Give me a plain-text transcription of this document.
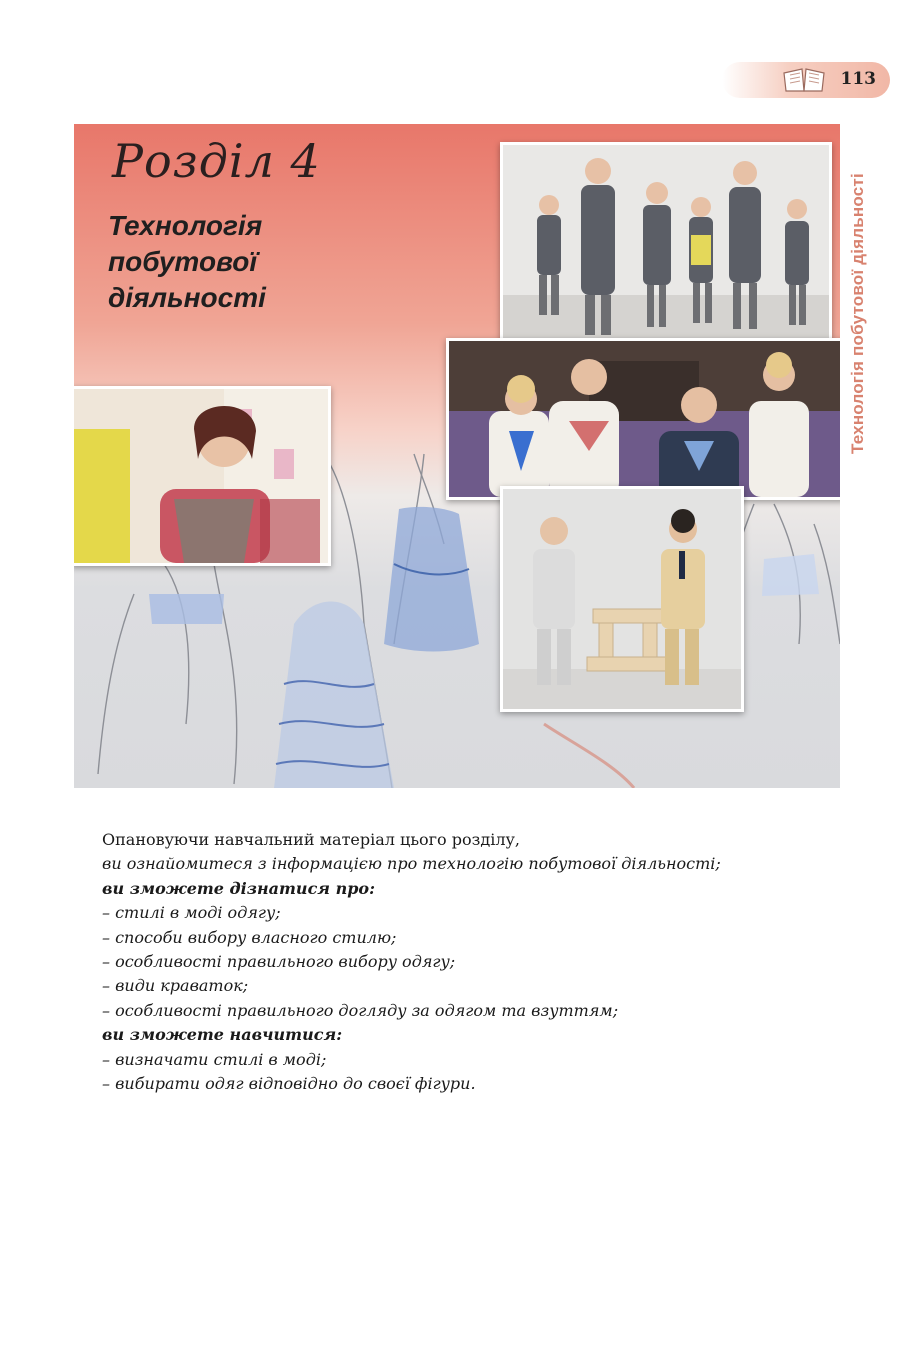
113
Технологія побутової діяльності
Розділ 4
Технологія
побутової
діяльності

Опановуючи навчальний матеріал цього розділу,

ви ознайомитеся з інформацією про технологію побутової діяльності;

ви зможете дізнатися про:

– стилі в моді одягу;

– способи вибору власного стилю;

– особливості правильного вибору одягу;

– види краваток;

– особливості правильного догляду за одягом та взуттям;

ви зможете навчитися:

– визначати стилі в моді;

– вибирати одяг відповідно до своєї фігури.
